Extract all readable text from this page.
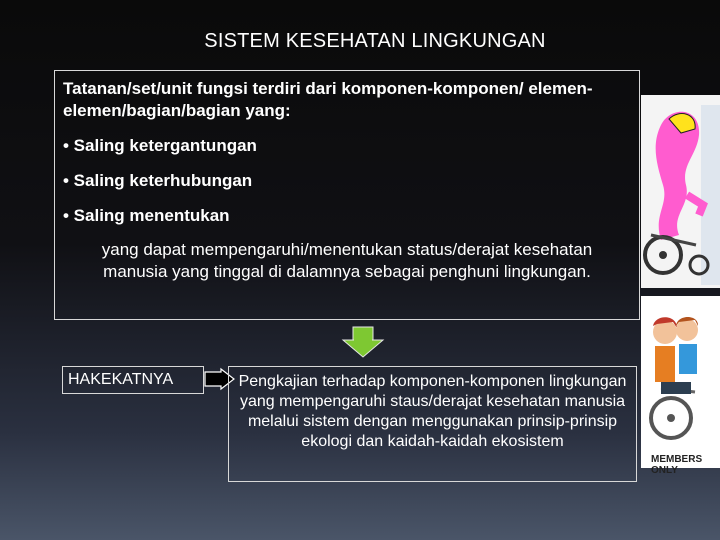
SISTEM KESEHATAN LINGKUNGAN
Tatanan/set/unit fungsi terdiri dari komponen-komponen/ elemen-elemen/bagian/bagian yang:
• Saling ketergantungan
• Saling keterhubungan
• Saling menentukan
yang dapat mempengaruhi/menentukan status/derajat kesehatan manusia yang tinggal di dalamnya sebagai penghuni lingkungan.
HAKEKATNYA	Pengkajian terhadap komponen-komponen lingkungan yang mempengaruhi staus/derajat kesehatan manusia melalui sistem dengan menggunakan prinsip-prinsip ekologi dan kaidah-kaidah ekosistem
MEMBERS ONLY
